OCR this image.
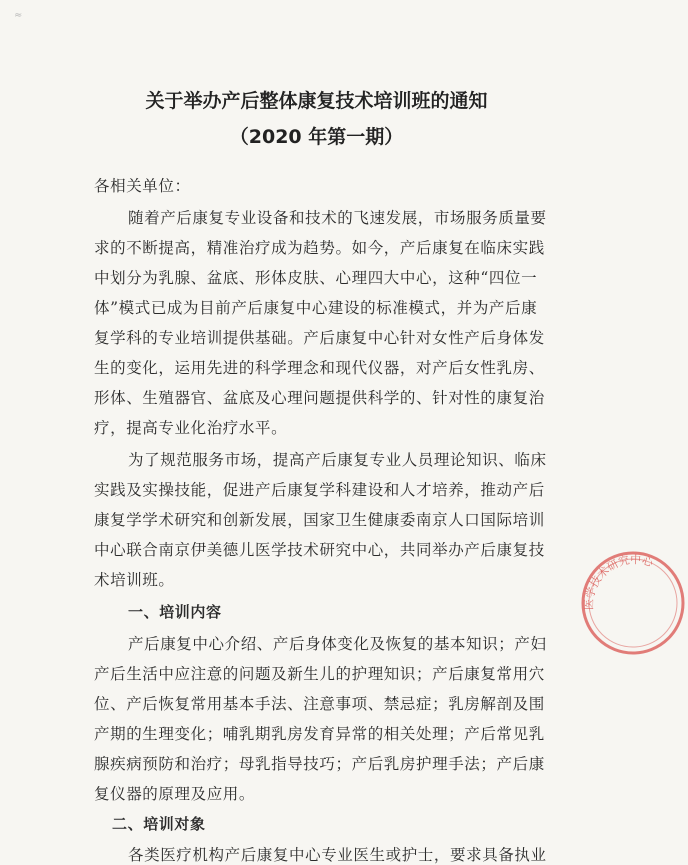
≈
关于举办产后整体康复技术培训班的通知
（2020 年第一期）
各相关单位：
随着产后康复专业设备和技术的飞速发展，市场服务质量要
求的不断提高，精准治疗成为趋势。如今，产后康复在临床实践
中划分为乳腺、盆底、形体皮肤、心理四大中心，这种“四位一
体”模式已成为目前产后康复中心建设的标准模式，并为产后康
复学科的专业培训提供基础。产后康复中心针对女性产后身体发
生的变化，运用先进的科学理念和现代仪器，对产后女性乳房、
形体、生殖器官、盆底及心理问题提供科学的、针对性的康复治
疗，提高专业化治疗水平。
为了规范服务市场，提高产后康复专业人员理论知识、临床
实践及实操技能，促进产后康复学科建设和人才培养，推动产后
康复学学术研究和创新发展，国家卫生健康委南京人口国际培训
中心联合南京伊美德儿医学技术研究中心，共同举办产后康复技
术培训班。
一、培训内容
产后康复中心介绍、产后身体变化及恢复的基本知识；产妇
产后生活中应注意的问题及新生儿的护理知识；产后康复常用穴
位、产后恢复常用基本手法、注意事项、禁忌症；乳房解剖及围
产期的生理变化；哺乳期乳房发育异常的相关处理；产后常见乳
腺疾病预防和治疗；母乳指导技巧；产后乳房护理手法；产后康
复仪器的原理及应用。
二、培训对象
各类医疗机构产后康复中心专业医生或护士，要求具备执业
医学技术研究中心
